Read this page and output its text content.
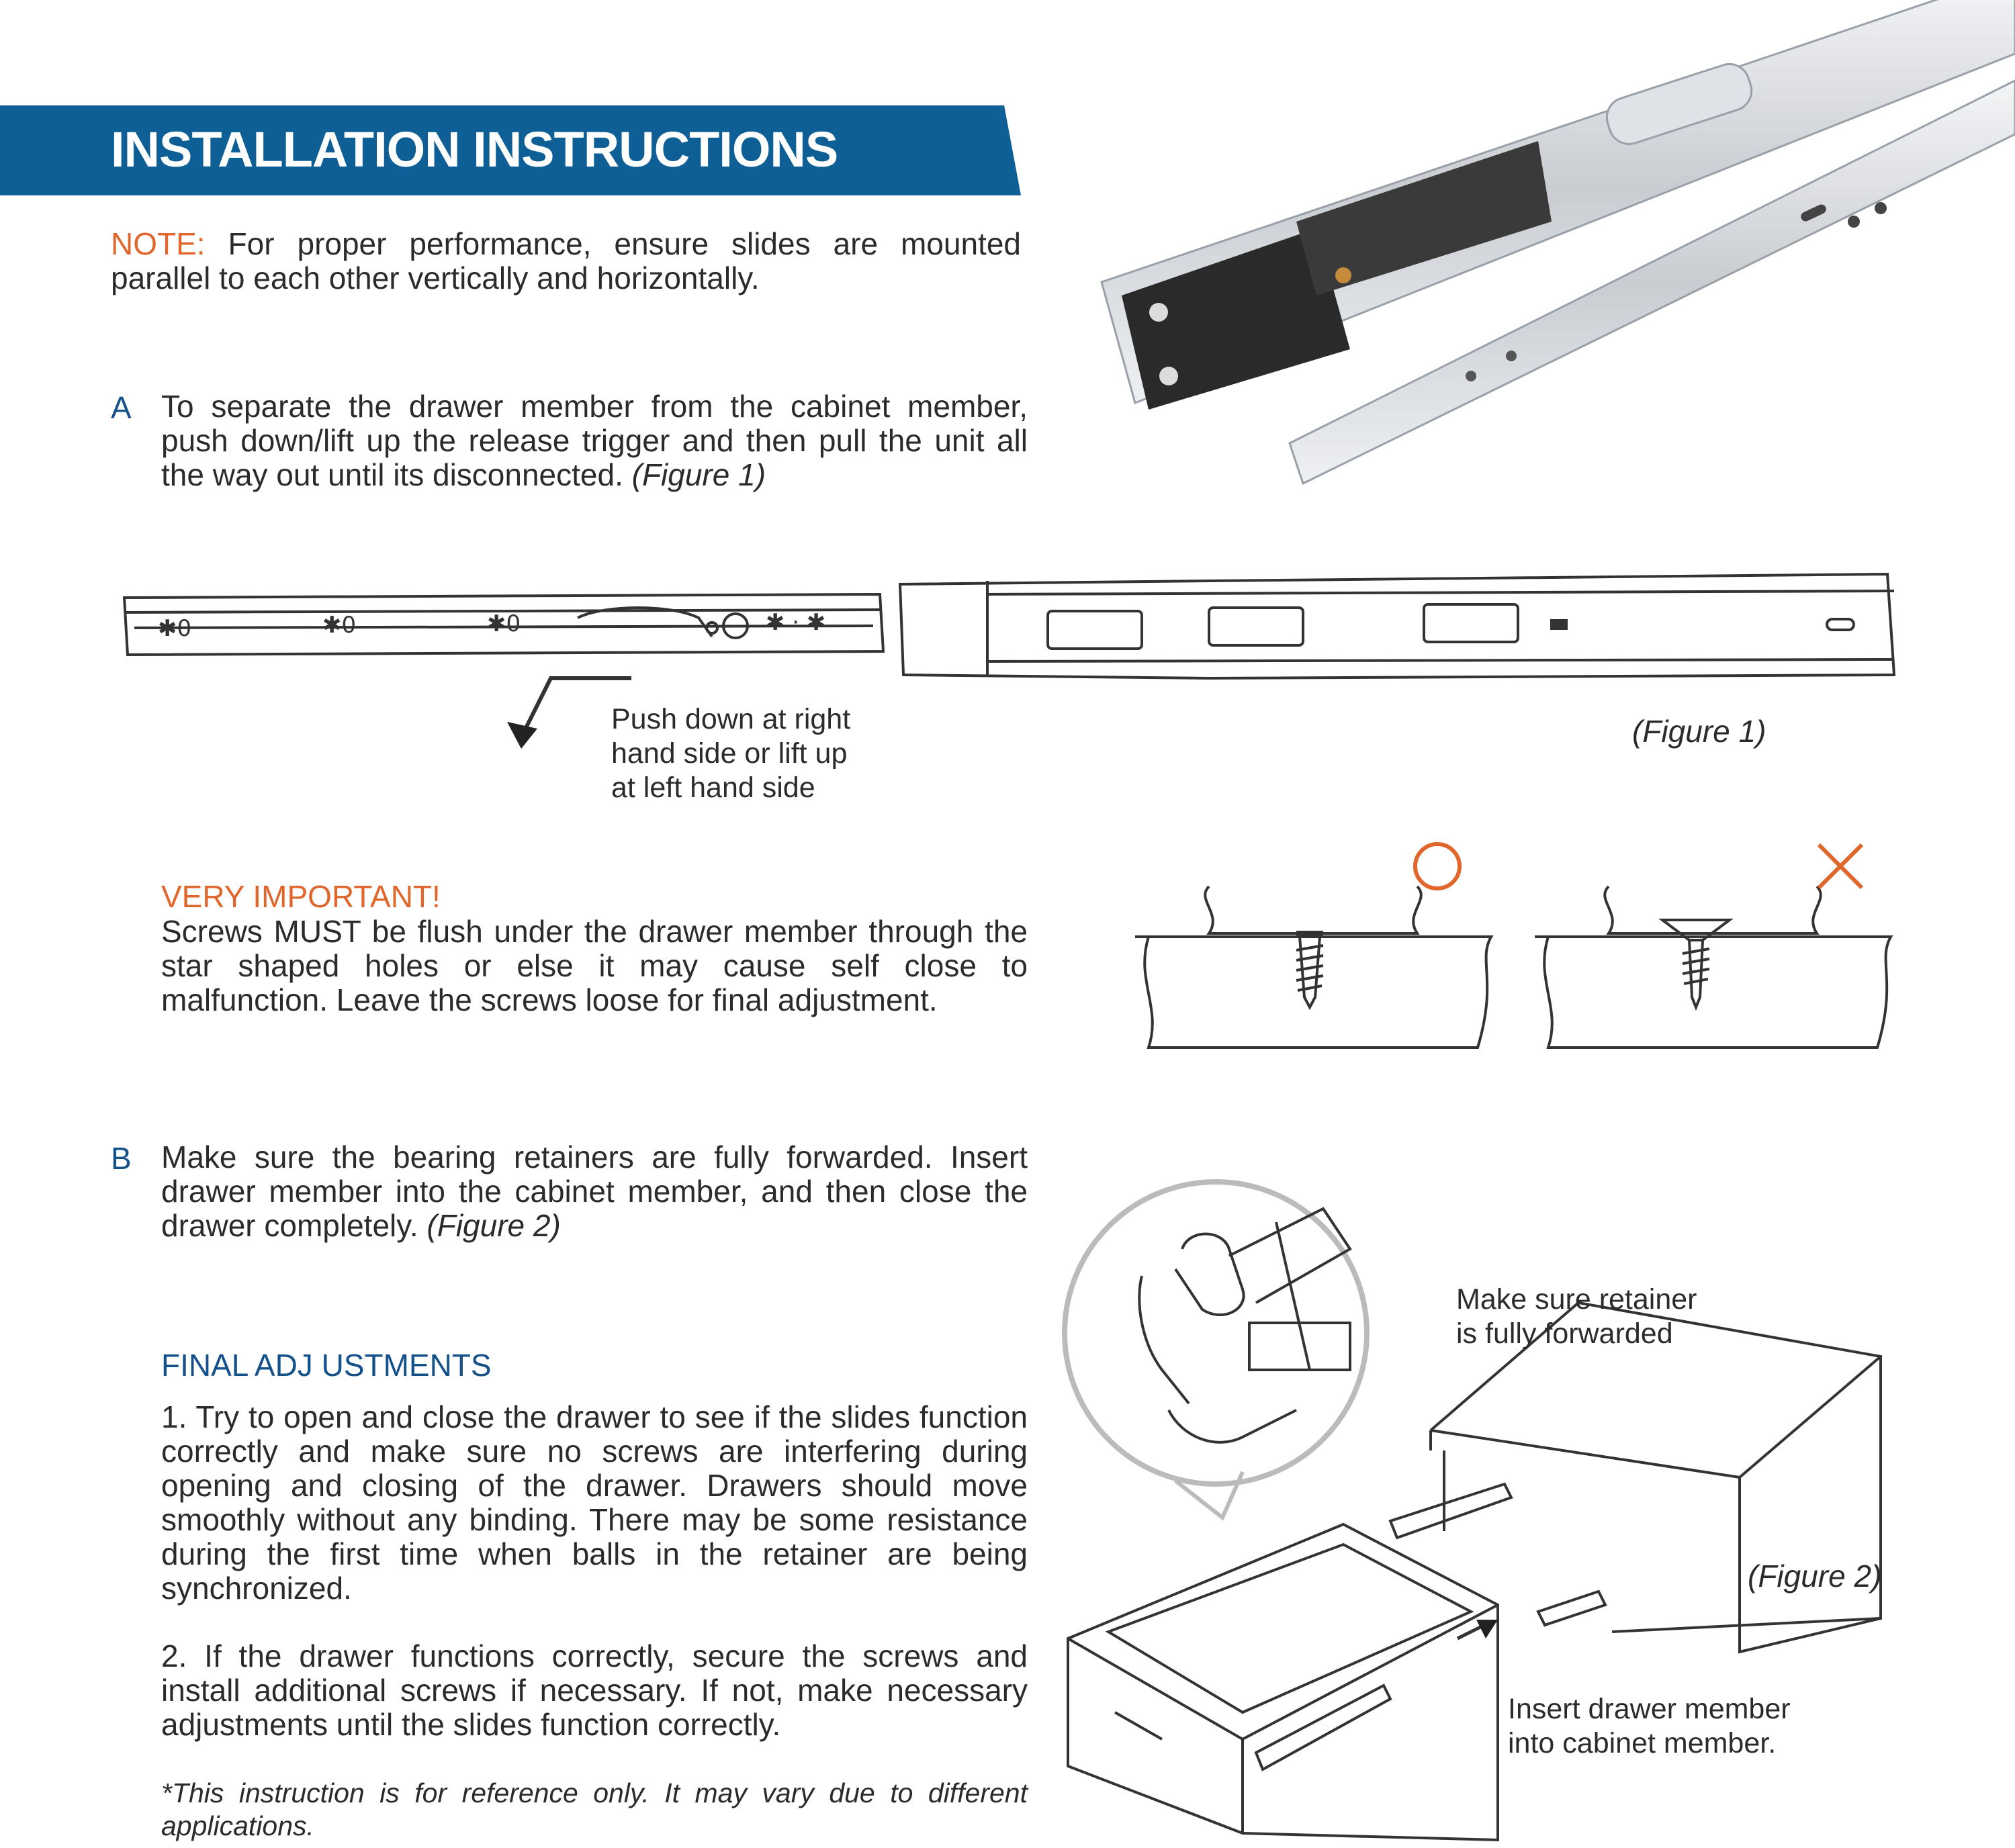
INSTALLATION INSTRUCTIONS
NOTE: For proper performance, ensure slides are mounted parallel to each other vertically and horizontally.
A To separate the drawer member from the cabinet member, push down/lift up the release trigger and then pull the unit all the way out until its disconnected. (Figure 1)
✱0	✱0	✱0	✱ · ✱
Push down at right
hand side or lift up
at left hand side
(Figure 1)
VERY IMPORTANT!
Screws MUST be flush under the drawer member through the star shaped holes or else it may cause self close to malfunction. Leave the screws loose for final adjustment.
B Make sure the bearing retainers are fully forwarded. Insert drawer member into the cabinet member, and then close the drawer completely. (Figure 2)
FINAL ADJ USTMENTS
1. Try to open and close the drawer to see if the slides function correctly and make sure no screws are interfering during opening and closing of the drawer. Drawers should move smoothly without any binding. There may be some resistance during the first time when balls in the retainer are being synchronized.
2. If the drawer functions correctly, secure the screws and install additional screws if necessary. If not, make necessary adjustments until the slides function correctly.
*This instruction is for reference only. It may vary due to different applications.
Make sure retainer
is fully forwarded
(Figure 2)
Insert drawer member
into cabinet member.
